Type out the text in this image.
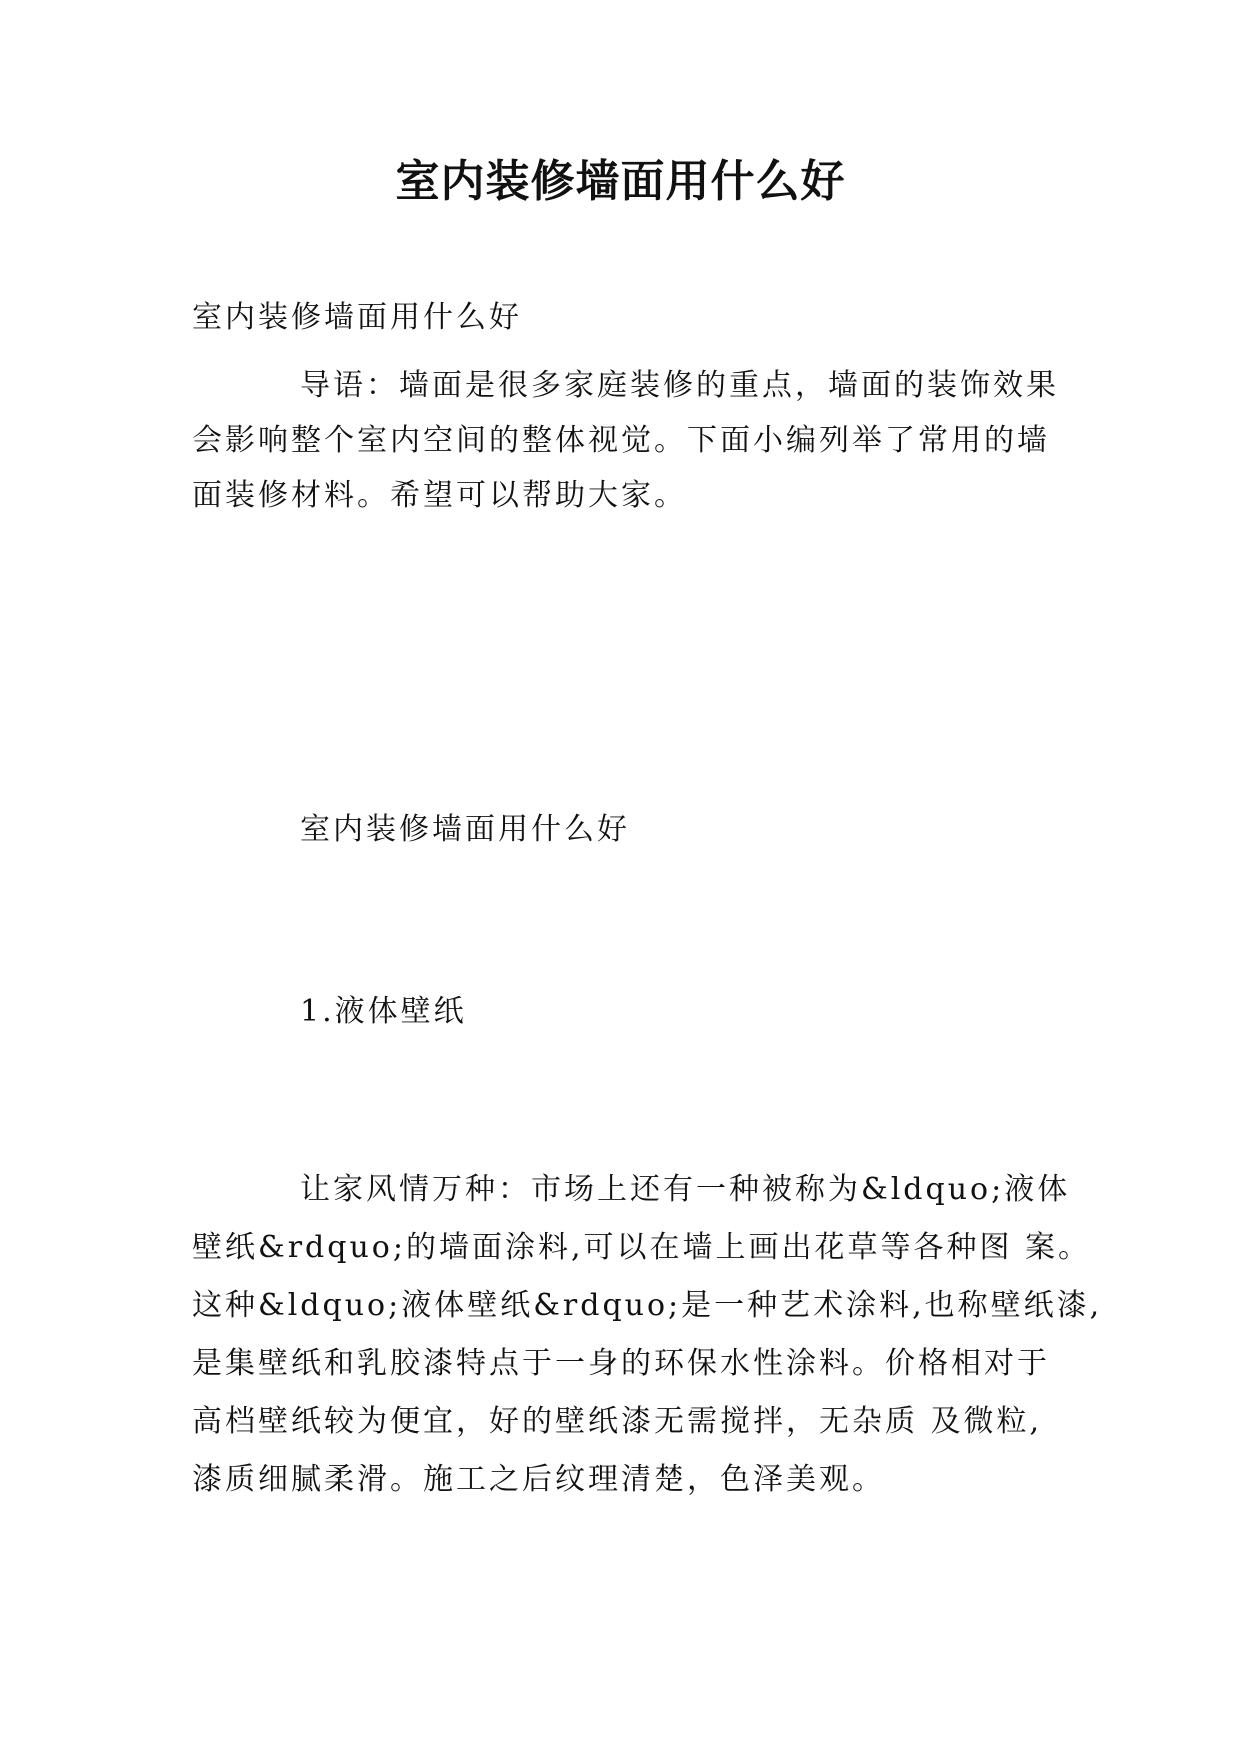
室内装修墙面用什么好
室内装修墙面用什么好
导语：墙面是很多家庭装修的重点，墙面的装饰效果
会影响整个室内空间的整体视觉。下面小编列举了常用的墙
面装修材料。希望可以帮助大家。
室内装修墙面用什么好
1.液体壁纸
让家风情万种：市场上还有一种被称为&ldquo;液体
壁纸&rdquo;的墙面涂料,可以在墙上画出花草等各种图 案。
这种&ldquo;液体壁纸&rdquo;是一种艺术涂料,也称壁纸漆,
是集壁纸和乳胶漆特点于一身的环保水性涂料。价格相对于
高档壁纸较为便宜，好的壁纸漆无需搅拌，无杂质 及微粒,
漆质细腻柔滑。施工之后纹理清楚，色泽美观。
